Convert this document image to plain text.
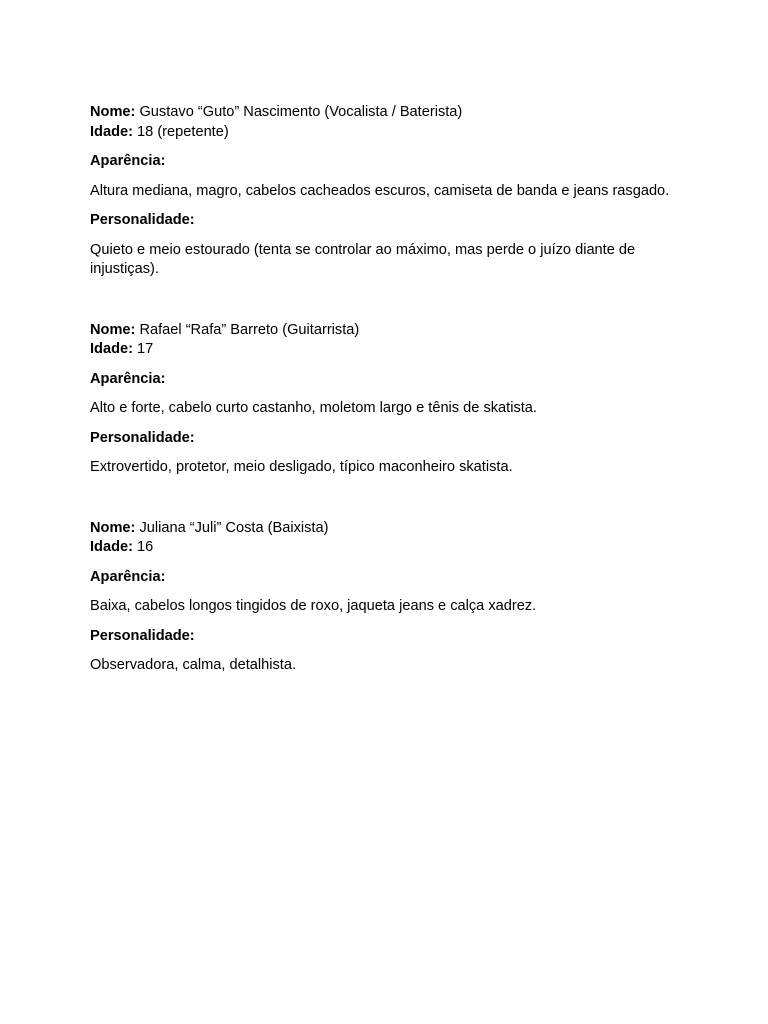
Nome: Gustavo “Guto” Nascimento (Vocalista / Baterista)

Idade: 18 (repetente)

Aparência:

Altura mediana, magro, cabelos cacheados escuros, camiseta de banda e jeans rasgado.

Personalidade:

Quieto e meio estourado (tenta se controlar ao máximo, mas perde o juízo diante de injustiças).

Nome: Rafael “Rafa” Barreto (Guitarrista)

Idade: 17

Aparência:

Alto e forte, cabelo curto castanho, moletom largo e tênis de skatista.

Personalidade:

Extrovertido, protetor, meio desligado, típico maconheiro skatista.

Nome: Juliana “Juli” Costa (Baixista)

Idade: 16

Aparência:

Baixa, cabelos longos tingidos de roxo, jaqueta jeans e calça xadrez.

Personalidade:

Observadora, calma, detalhista.
